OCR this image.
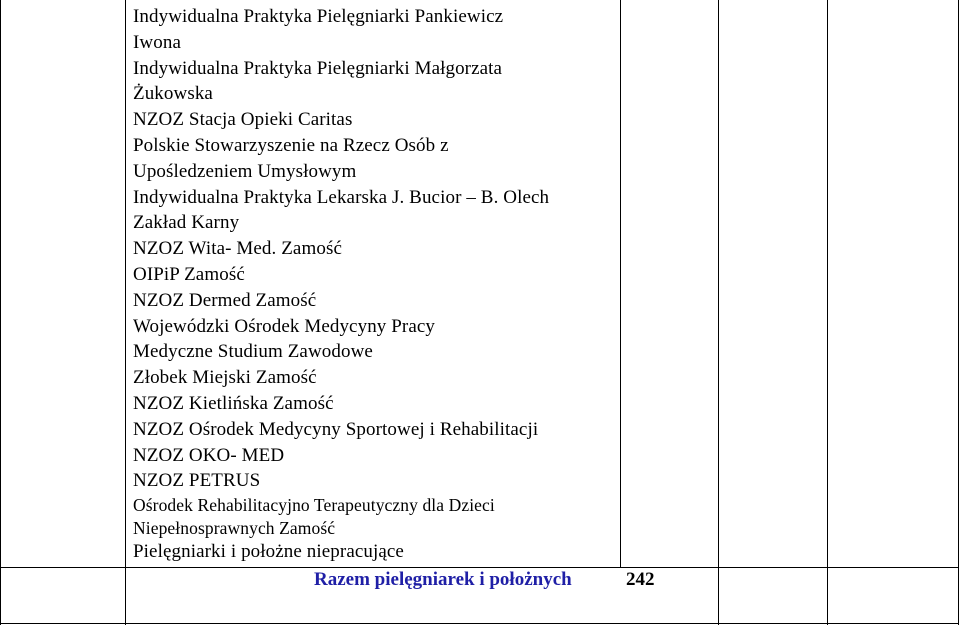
Indywidualna Praktyka Pielęgniarki Pankiewicz
Iwona
Indywidualna Praktyka Pielęgniarki Małgorzata
Żukowska
NZOZ Stacja Opieki Caritas
Polskie Stowarzyszenie na Rzecz Osób z
Upośledzeniem Umysłowym
Indywidualna Praktyka Lekarska J. Bucior – B. Olech
Zakład Karny
NZOZ Wita- Med. Zamość
OIPiP Zamość
NZOZ Dermed Zamość
Wojewódzki Ośrodek Medycyny Pracy
Medyczne Studium Zawodowe
Złobek Miejski Zamość
NZOZ Kietlińska Zamość
NZOZ Ośrodek Medycyny Sportowej i Rehabilitacji
NZOZ OKO- MED
NZOZ PETRUS
Ośrodek Rehabilitacyjno Terapeutyczny dla Dzieci
Niepełnosprawnych Zamość
Pielęgniarki i położne niepracujące
Razem pielęgniarek i położnych	242
